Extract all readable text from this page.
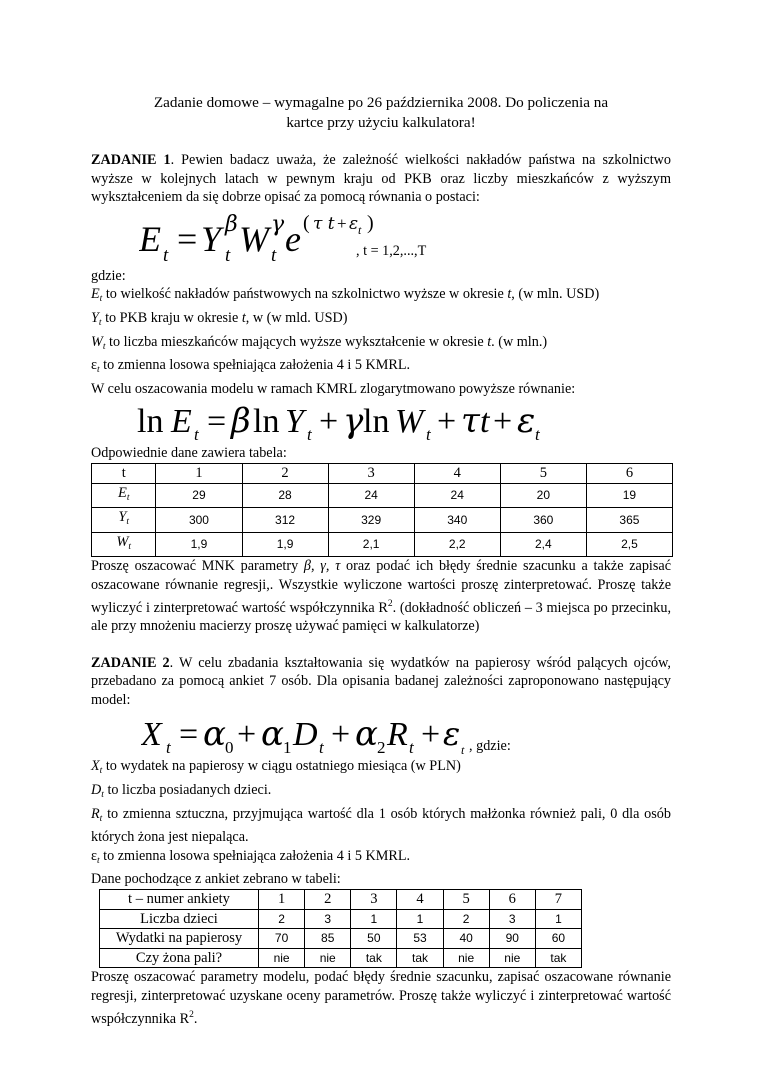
Zadanie domowe – wymagalne po 26 października 2008. Do policzenia na
kartce przy użyciu kalkulatora!

ZADANIE 1. Pewien badacz uważa, że zależność wielkości nakładów państwa na szkolnictwo wyższe w kolejnych latach w pewnym kraju od PKB oraz liczby mieszkańców z wyższym wykształceniem da się dobrze opisać za pomocą równania o postaci:

E t = Y t
β W t
γ e ( τ t + ε t )
, t = 1,2,...,T

gdzie:

$E_t$ to wielkość nakładów państwowych na szkolnictwo wyższe w okresie t, (w mln. USD)

$Y_t$ to PKB kraju w okresie t, w (w mld. USD)

$W_t$ to liczba mieszkańców mających wyższe wykształcenie w okresie t. (w mln.)

$\varepsilon_t$ to zmienna losowa spełniająca założenia 4 i 5 KMRL.

W celu oszacowania modelu w ramach KMRL zlogarytmowano powyższe równanie:

ln E t = β ln Y t + γ ln W t + τ t + ε t

Odpowiednie dane zawiera tabela:

t	1	2	3	4	5	6
$E_t$	29	28	24	24	20	19
$Y_t$	300	312	329	340	360	365
$W_t$	1,9	1,9	2,1	2,2	2,4	2,5

Proszę oszacować MNK parametry β, γ, τ oraz podać ich błędy średnie szacunku a także zapisać oszacowane równanie regresji,. Wszystkie wyliczone wartości proszę zinterpretować. Proszę także wyliczyć i zinterpretować wartość współczynnika $R^2$. (dokładność obliczeń – 3 miejsca po przecinku, ale przy mnożeniu macierzy proszę używać pamięci w kalkulatorze)

ZADANIE 2. W celu zbadania kształtowania się wydatków na papierosy wśród palących ojców, przebadano za pomocą ankiet 7 osób. Dla opisania badanej zależności zaproponowano następujący model:

X t = α 0 + α 1 D t + α 2 R t + ε t , gdzie:

$X_t$ to wydatek na papierosy w ciągu ostatniego miesiąca (w PLN)

$D_t$ to liczba posiadanych dzieci.

$R_t$ to zmienna sztuczna, przyjmująca wartość dla 1 osób których małżonka również pali, 0 dla osób których żona jest niepaląca.

$\varepsilon_t$ to zmienna losowa spełniająca założenia 4 i 5 KMRL.

Dane pochodzące z ankiet zebrano w tabeli:

t – numer ankiety	1	2	3	4	5	6	7
Liczba dzieci	2	3	1	1	2	3	1
Wydatki na papierosy	70	85	50	53	40	90	60
Czy żona pali?	nie	nie	tak	tak	nie	nie	tak

Proszę oszacować parametry modelu, podać błędy średnie szacunku, zapisać oszacowane równanie regresji, zinterpretować uzyskane oceny parametrów. Proszę także wyliczyć i zinterpretować wartość współczynnika $R^2$.
